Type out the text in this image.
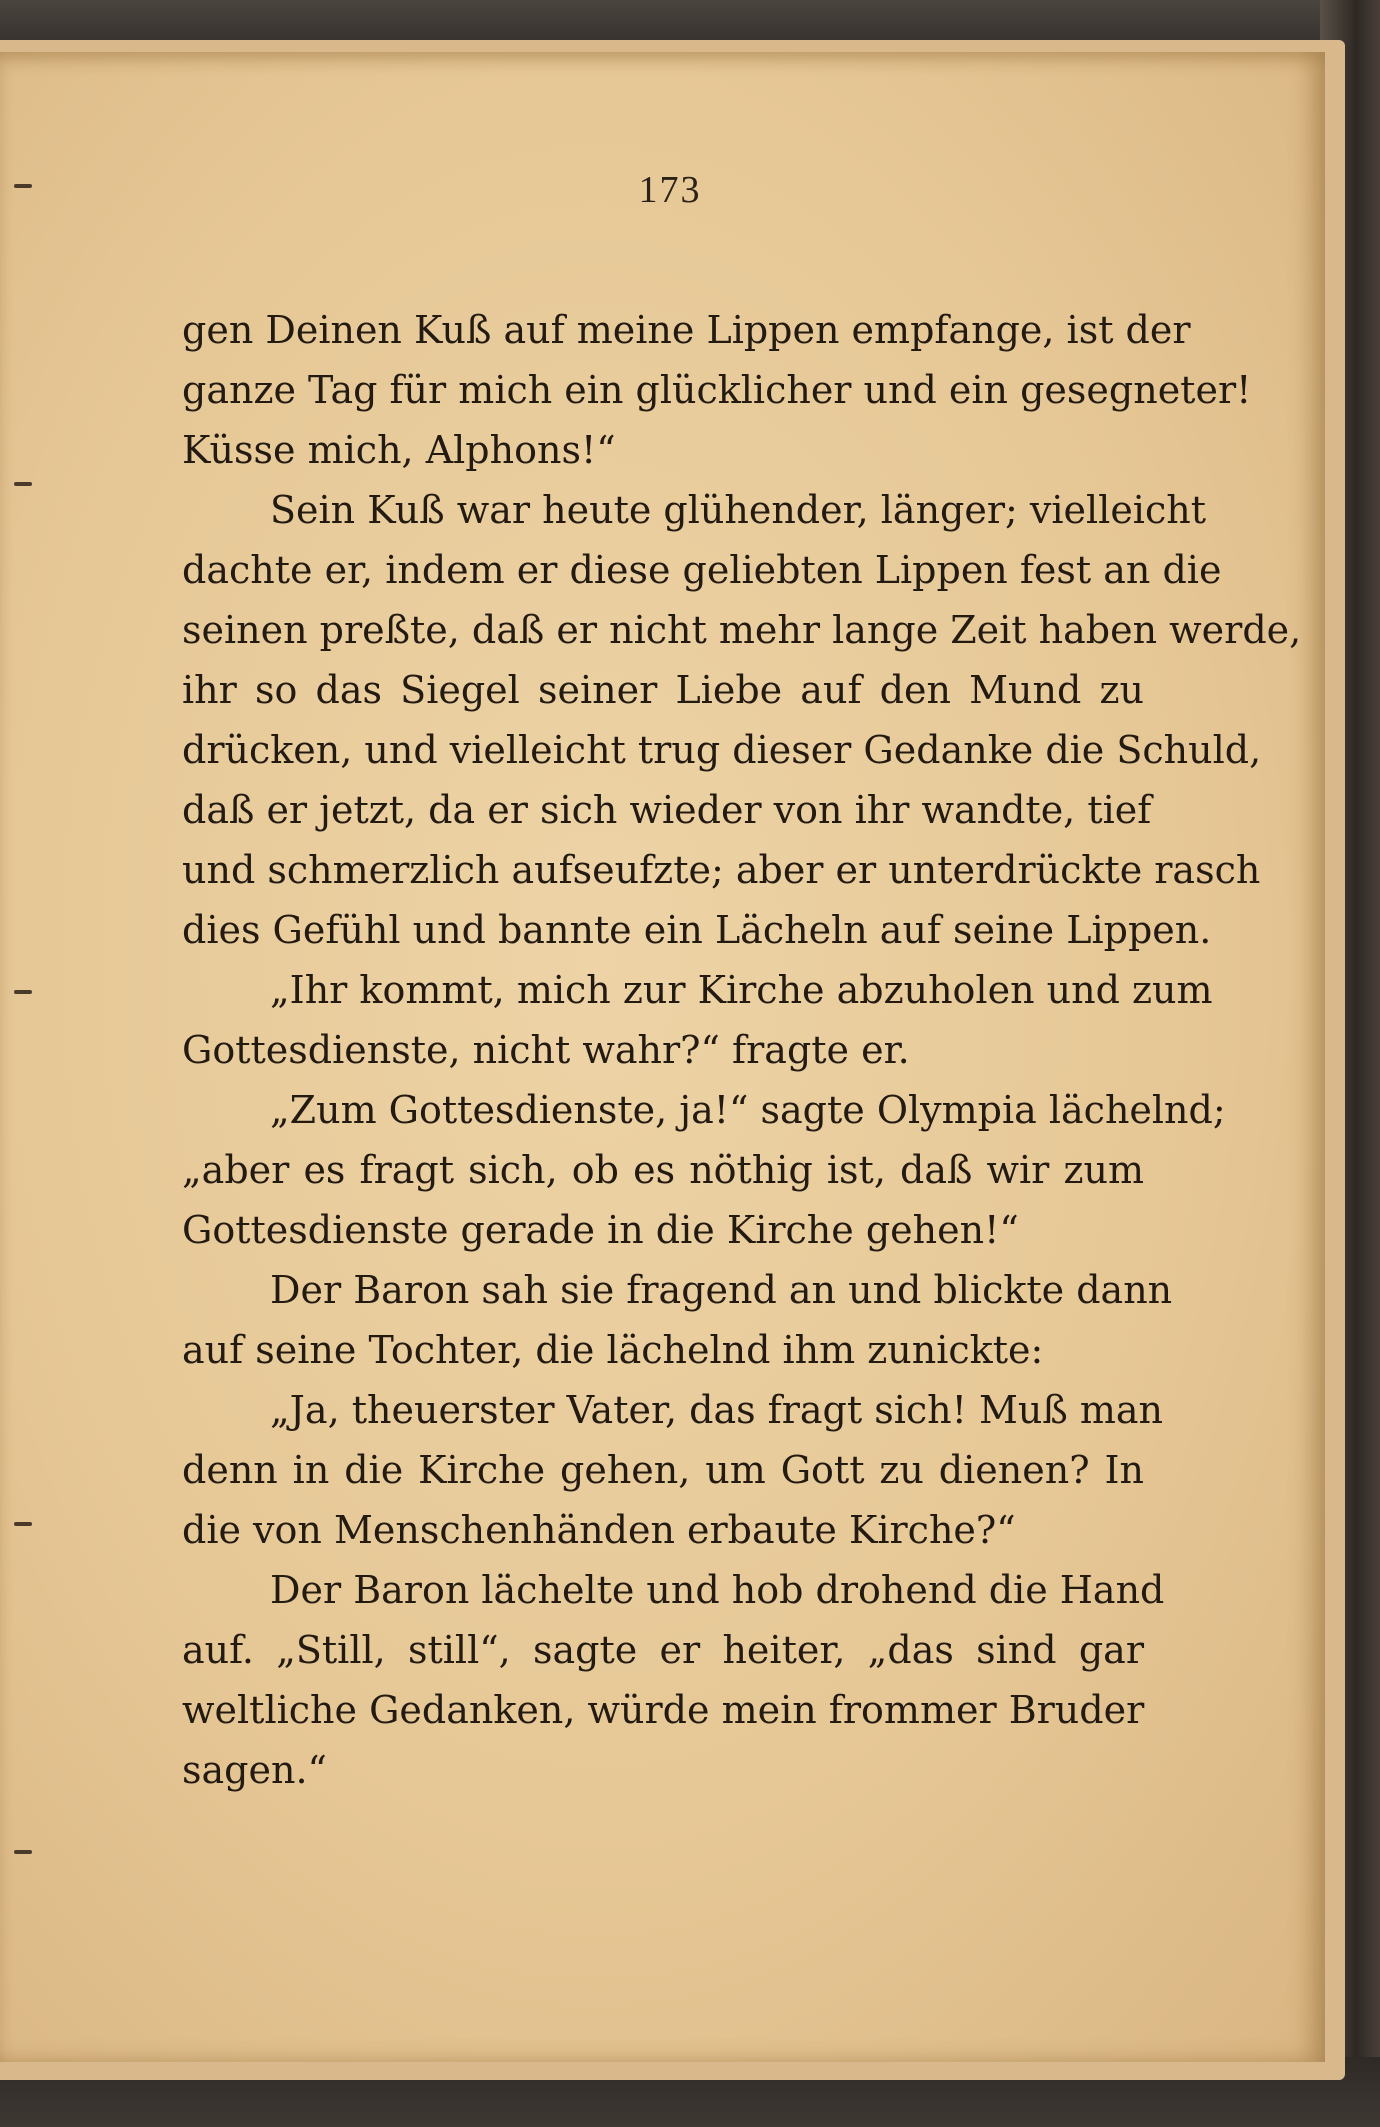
173
gen Deinen Kuß auf meine Lippen empfange, ist der
ganze Tag für mich ein glücklicher und ein gesegneter!
Küsse mich, Alphons!“
Sein Kuß war heute glühender, länger; vielleicht
dachte er, indem er diese geliebten Lippen fest an die
seinen preßte, daß er nicht mehr lange Zeit haben werde,
ihr so das Siegel seiner Liebe auf den Mund zu
drücken, und vielleicht trug dieser Gedanke die Schuld,
daß er jetzt, da er sich wieder von ihr wandte, tief
und schmerzlich aufseufzte; aber er unterdrückte rasch
dies Gefühl und bannte ein Lächeln auf seine Lippen.
„Ihr kommt, mich zur Kirche abzuholen und zum
Gottesdienste, nicht wahr?“ fragte er.
„Zum Gottesdienste, ja!“ sagte Olympia lächelnd;
„aber es fragt sich, ob es nöthig ist, daß wir zum
Gottesdienste gerade in die Kirche gehen!“
Der Baron sah sie fragend an und blickte dann
auf seine Tochter, die lächelnd ihm zunickte:
„Ja, theuerster Vater, das fragt sich! Muß man
denn in die Kirche gehen, um Gott zu dienen? In
die von Menschenhänden erbaute Kirche?“
Der Baron lächelte und hob drohend die Hand
auf. „Still, still“, sagte er heiter, „das sind gar
weltliche Gedanken, würde mein frommer Bruder
sagen.“
